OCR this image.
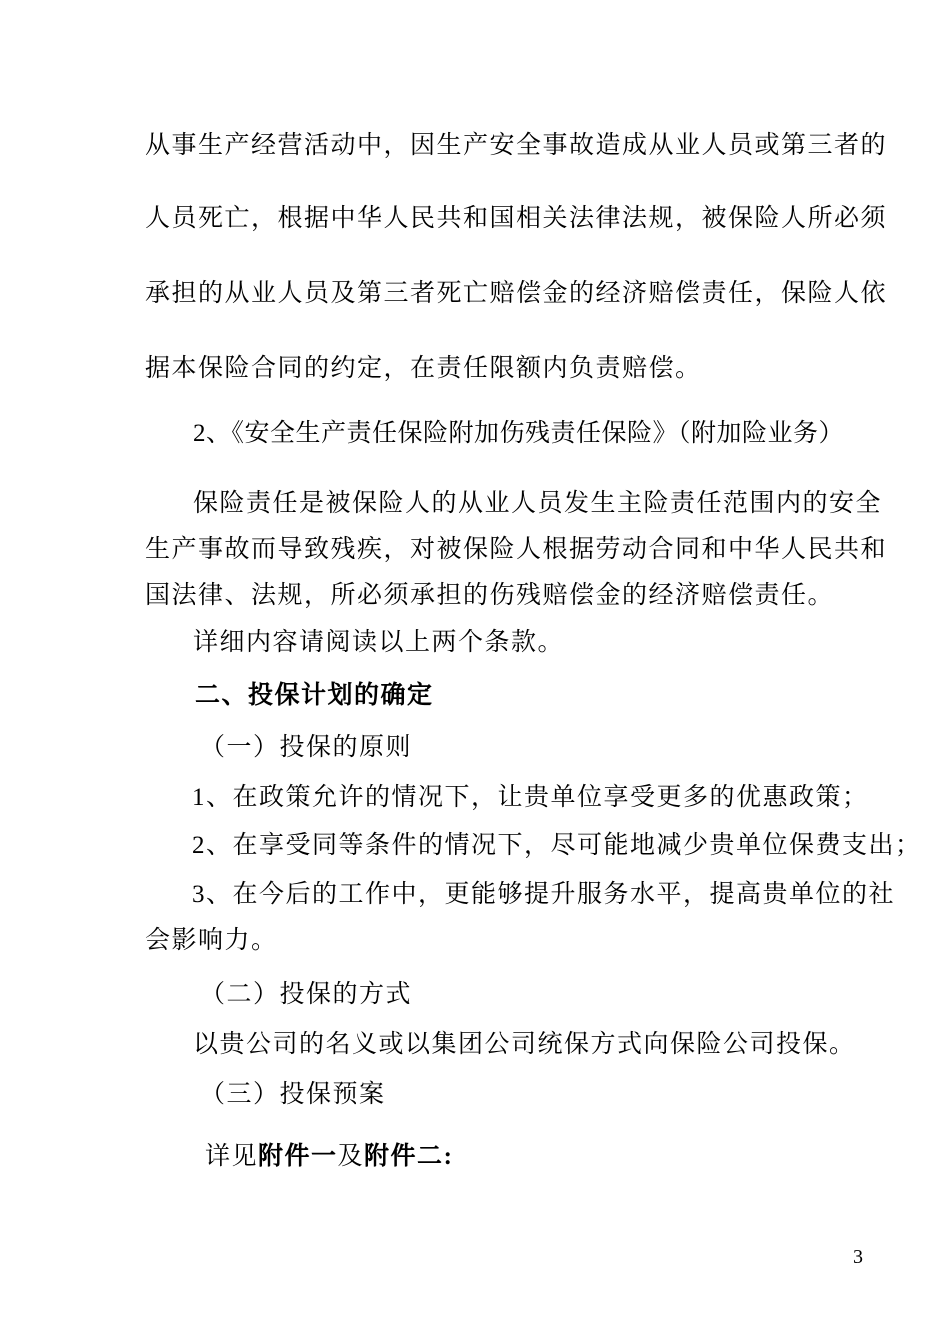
从事生产经营活动中，因生产安全事故造成从业人员或第三者的
人员死亡，根据中华人民共和国相关法律法规，被保险人所必须
承担的从业人员及第三者死亡赔偿金的经济赔偿责任，保险人依
据本保险合同的约定，在责任限额内负责赔偿。
2、《安全生产责任保险附加伤残责任保险》（附加险业务）
保险责任是被保险人的从业人员发生主险责任范围内的安全
生产事故而导致残疾，对被保险人根据劳动合同和中华人民共和
国法律、法规，所必须承担的伤残赔偿金的经济赔偿责任。
详细内容请阅读以上两个条款。
二、投保计划的确定
（一）投保的原则
1、在政策允许的情况下，让贵单位享受更多的优惠政策；
2、在享受同等条件的情况下，尽可能地减少贵单位保费支出；
3、在今后的工作中，更能够提升服务水平，提高贵单位的社
会影响力。
（二）投保的方式
以贵公司的名义或以集团公司统保方式向保险公司投保。
（三）投保预案
详见附件一及附件二:
3
